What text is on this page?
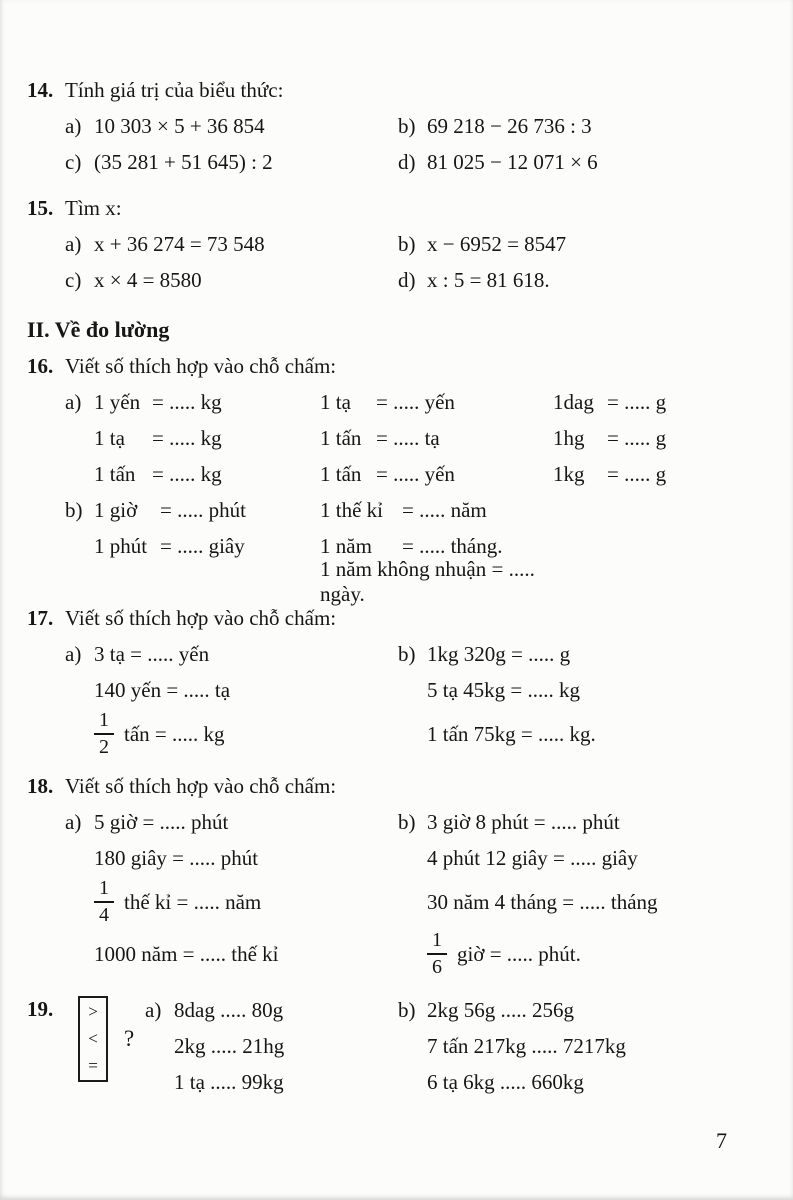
14. Tính giá trị của biểu thức:
a) 10 303 × 5 + 36 854	b) 69 218 − 26 736 : 3
c) (35 281 + 51 645) : 2	d) 81 025 − 12 071 × 6
15. Tìm x:
a) x + 36 274 = 73 548	b) x − 6952 = 8547
c) x × 4 = 8580	d) x : 5 = 81 618.
II. Về đo lường
16. Viết số thích hợp vào chỗ chấm:
a) 1 yến = ..... kg	1 tạ	= ..... yến	1dag = ..... g
1 tạ	= ..... kg	1 tấn = ..... tạ	1hg	= ..... g
1 tấn = ..... kg	1 tấn = ..... yến	1kg	= ..... g
b) 1 giờ	= ..... phút	1 thế kỉ = ..... năm
1 phút = ..... giây	1 năm	= ..... tháng.
1 năm không nhuận = ..... ngày.
17. Viết số thích hợp vào chỗ chấm:
a) 3 tạ = ..... yến	b) 1kg 320g = ..... g
140 yến = ..... tạ	5 tạ 45kg = ..... kg
$\frac{1}{2}$ tấn = ..... kg	1 tấn 75kg = ..... kg.
18. Viết số thích hợp vào chỗ chấm:
a) 5 giờ = ..... phút	b) 3 giờ 8 phút = ..... phút
180 giây = ..... phút	4 phút 12 giây = ..... giây
$\frac{1}{4}$ thế kỉ = ..... năm	30 năm 4 tháng = ..... tháng
1000 năm = ..... thế kỉ	$\frac{1}{6}$ giờ = ..... phút.
19. >
<
=
?
a) 8dag ..... 80g	b) 2kg 56g ..... 256g
2kg ..... 21hg	7 tấn 217kg ..... 7217kg
1 tạ ..... 99kg	6 tạ 6kg ..... 660kg
7
